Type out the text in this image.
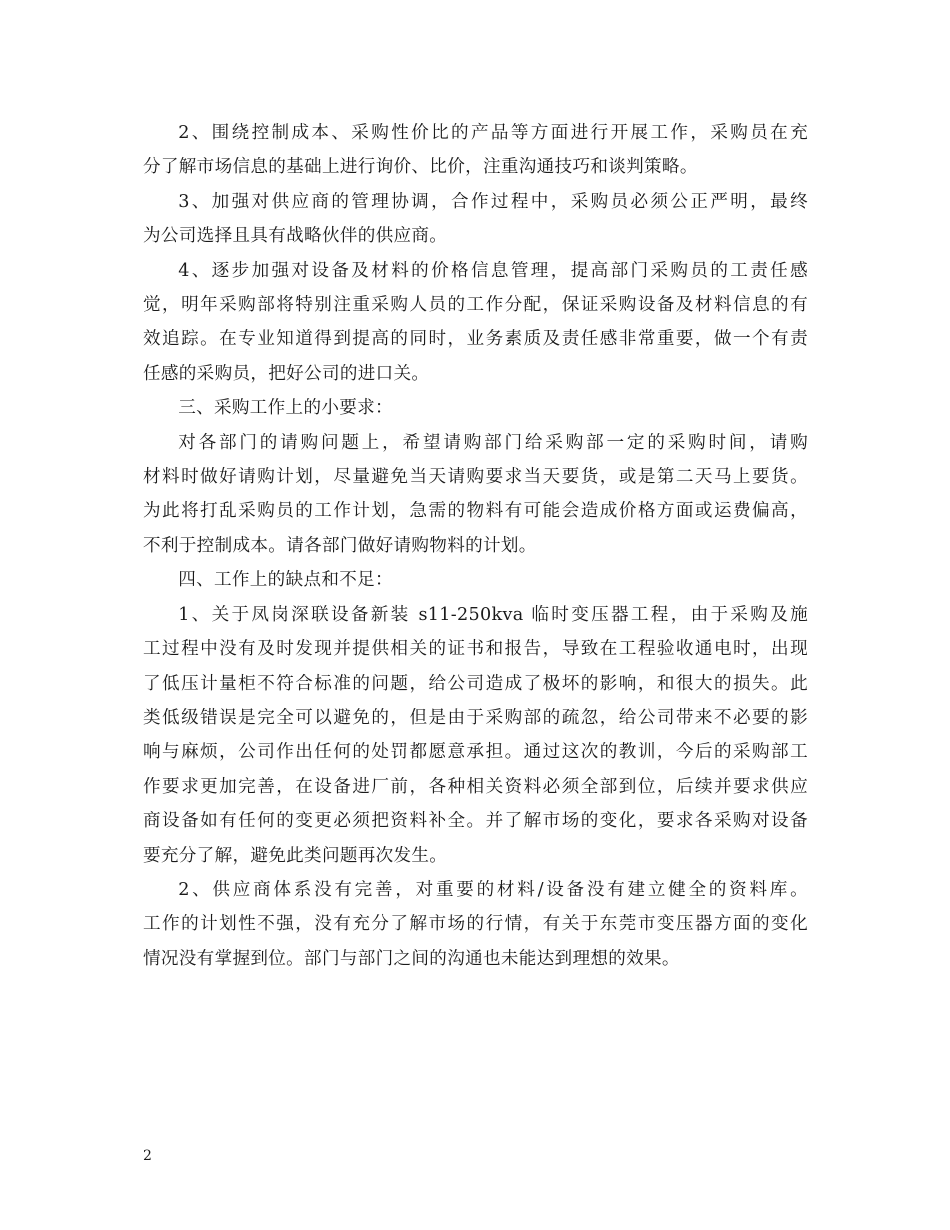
2、围绕控制成本、采购性价比的产品等方面进行开展工作，采购员在充
分了解市场信息的基础上进行询价、比价，注重沟通技巧和谈判策略。

3、加强对供应商的管理协调，合作过程中，采购员必须公正严明，最终
为公司选择且具有战略伙伴的供应商。

4、逐步加强对设备及材料的价格信息管理，提高部门采购员的工责任感
觉，明年采购部将特别注重采购人员的工作分配，保证采购设备及材料信息的有
效追踪。在专业知道得到提高的同时，业务素质及责任感非常重要，做一个有责
任感的采购员，把好公司的进口关。

三、采购工作上的小要求：

对各部门的请购问题上，希望请购部门给采购部一定的采购时间，请购
材料时做好请购计划，尽量避免当天请购要求当天要货，或是第二天马上要货。
为此将打乱采购员的工作计划，急需的物料有可能会造成价格方面或运费偏高，
不利于控制成本。请各部门做好请购物料的计划。

四、工作上的缺点和不足：

1、关于凤岗深联设备新装 s11-250kva 临时变压器工程，由于采购及施
工过程中没有及时发现并提供相关的证书和报告，导致在工程验收通电时，出现
了低压计量柜不符合标准的问题，给公司造成了极坏的影响，和很大的损失。此
类低级错误是完全可以避免的，但是由于采购部的疏忽，给公司带来不必要的影
响与麻烦，公司作出任何的处罚都愿意承担。通过这次的教训，今后的采购部工
作要求更加完善，在设备进厂前，各种相关资料必须全部到位，后续并要求供应
商设备如有任何的变更必须把资料补全。并了解市场的变化，要求各采购对设备
要充分了解，避免此类问题再次发生。

2、供应商体系没有完善，对重要的材料/设备没有建立健全的资料库。
工作的计划性不强，没有充分了解市场的行情，有关于东莞市变压器方面的变化
情况没有掌握到位。部门与部门之间的沟通也未能达到理想的效果。

2
